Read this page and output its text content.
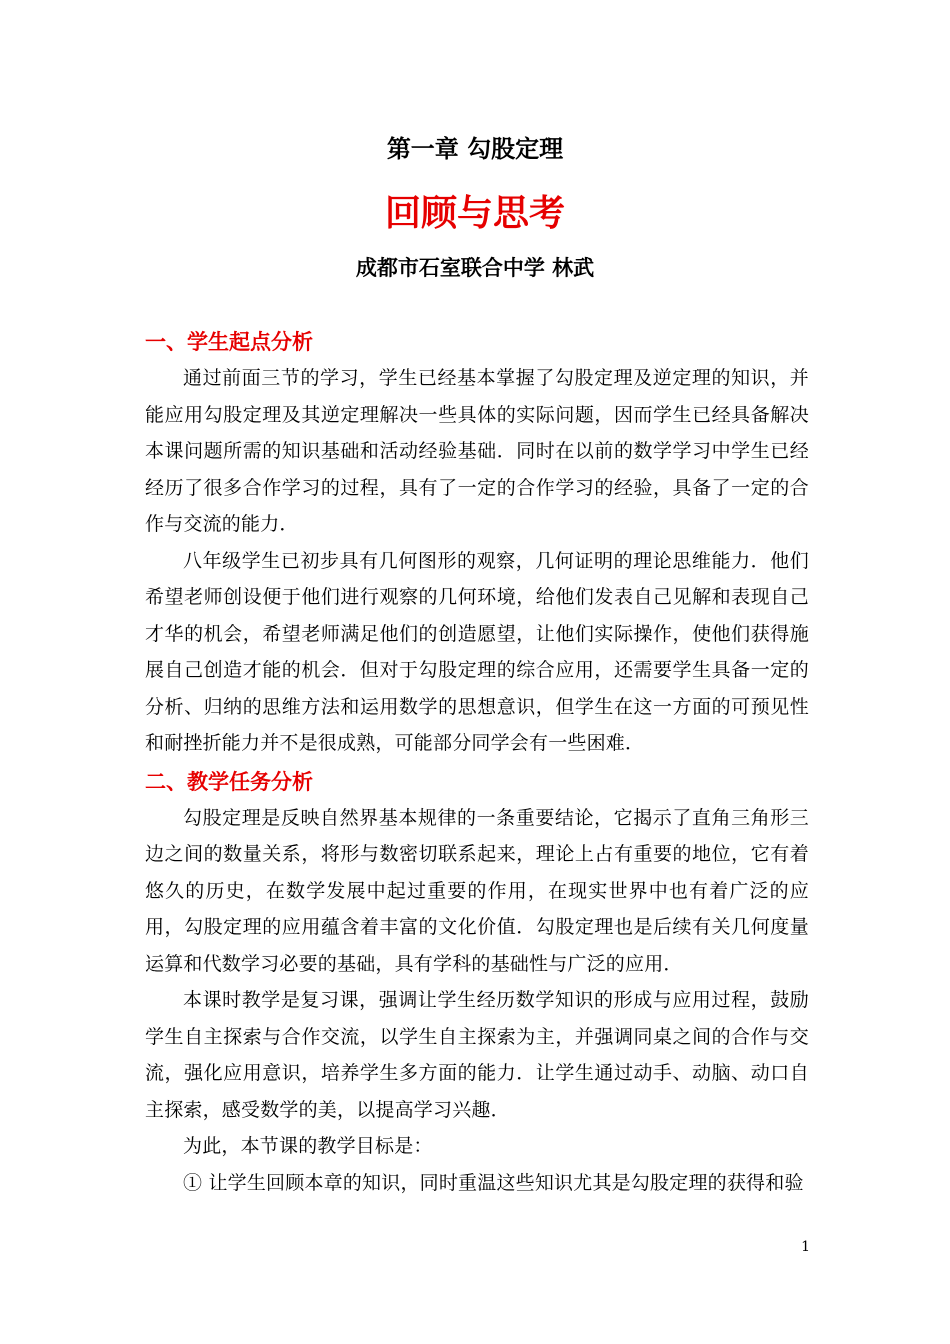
第一章 勾股定理
回顾与思考

成都市石室联合中学 林武

一、学生起点分析

通过前面三节的学习，学生已经基本掌握了勾股定理及逆定理的知识，并能应用勾股定理及其逆定理解决一些具体的实际问题，因而学生已经具备解决本课问题所需的知识基础和活动经验基础．同时在以前的数学学习中学生已经经历了很多合作学习的过程，具有了一定的合作学习的经验，具备了一定的合作与交流的能力．

八年级学生已初步具有几何图形的观察，几何证明的理论思维能力．他们希望老师创设便于他们进行观察的几何环境，给他们发表自己见解和表现自己才华的机会，希望老师满足他们的创造愿望，让他们实际操作，使他们获得施展自己创造才能的机会．但对于勾股定理的综合应用，还需要学生具备一定的分析、归纳的思维方法和运用数学的思想意识，但学生在这一方面的可预见性和耐挫折能力并不是很成熟，可能部分同学会有一些困难．

二、教学任务分析

勾股定理是反映自然界基本规律的一条重要结论，它揭示了直角三角形三边之间的数量关系，将形与数密切联系起来，理论上占有重要的地位，它有着悠久的历史，在数学发展中起过重要的作用，在现实世界中也有着广泛的应用，勾股定理的应用蕴含着丰富的文化价值．勾股定理也是后续有关几何度量运算和代数学习必要的基础，具有学科的基础性与广泛的应用．

本课时教学是复习课，强调让学生经历数学知识的形成与应用过程，鼓励学生自主探索与合作交流，以学生自主探索为主，并强调同桌之间的合作与交流，强化应用意识，培养学生多方面的能力．让学生通过动手、动脑、动口自主探索，感受数学的美，以提高学习兴趣．

为此，本节课的教学目标是：

① 让学生回顾本章的知识，同时重温这些知识尤其是勾股定理的获得和验

1
